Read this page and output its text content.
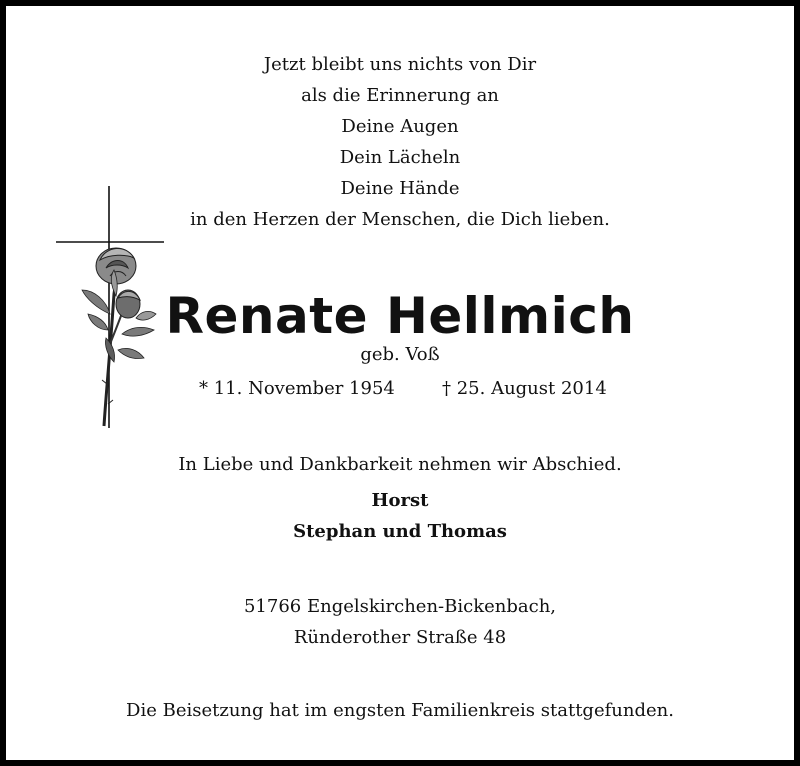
Jetzt bleibt uns nichts von Dir
als die Erinnerung an
Deine Augen
Dein Lächeln
Deine Hände
in den Herzen der Menschen, die Dich lieben.
Renate Hellmich
geb. Voß
* 11. November 1954	† 25. August 2014
In Liebe und Dankbarkeit nehmen wir Abschied.
Horst
Stephan und Thomas
51766 Engelskirchen-Bickenbach,
Ründerother Straße 48
Die Beisetzung hat im engsten Familienkreis stattgefunden.
